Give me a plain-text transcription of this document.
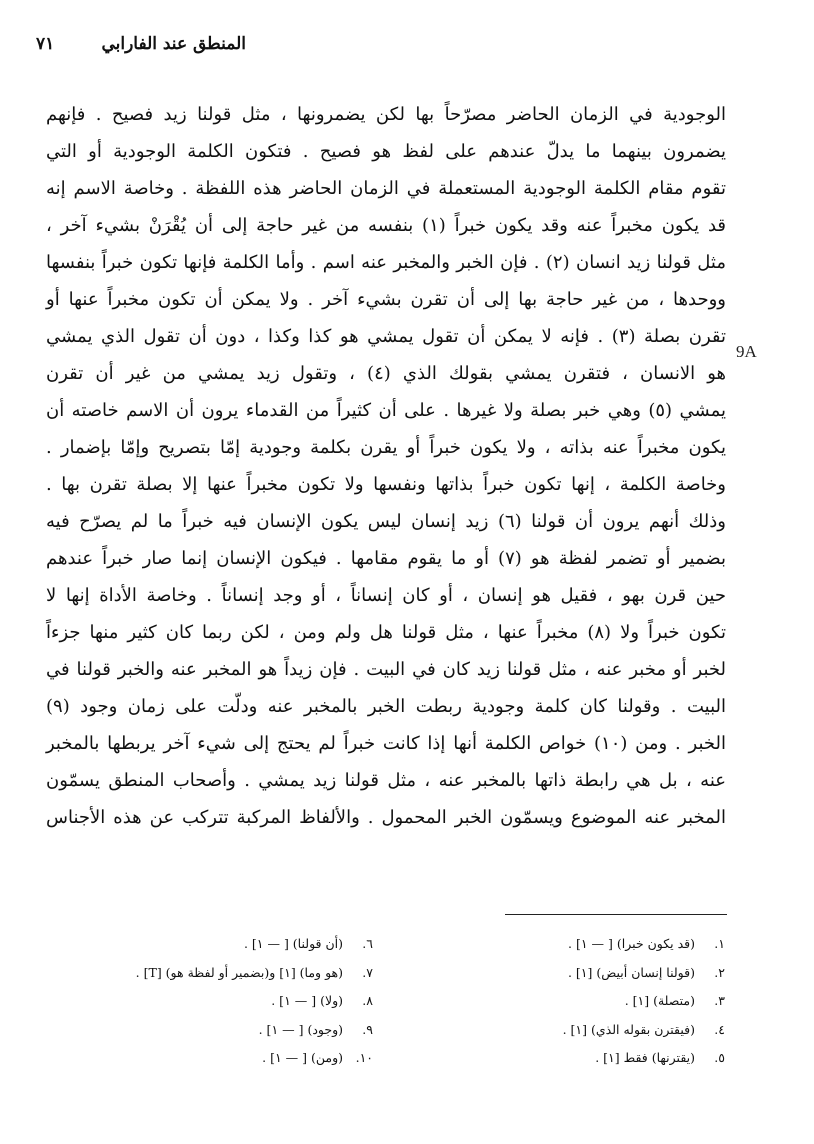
المنطق عند الفارابي
٧١
9A
الوجودية في الزمان الحاضر مصرّحاً بها لكن يضمرونها ، مثل قولنا زيد فصيح . فإنهم
يضمرون بينهما ما يدلّ عندهم على لفظ هو فصيح . فتكون الكلمة الوجودية أو التي
تقوم مقام الكلمة الوجودية المستعملة في الزمان الحاضر هذه اللفظة . وخاصة الاسم إنه
قد يكون مخبراً عنه وقد يكون خبراً (١) بنفسه من غير حاجة إلى أن يُقْرَنْ بشيء آخر ،
مثل قولنا زيد انسان (٢) . فإن الخبر والمخبر عنه اسم . وأما الكلمة فإنها تكون خبراً بنفسها
ووحدها ، من غير حاجة بها إلى أن تقرن بشيء آخر . ولا يمكن أن تكون مخبراً عنها أو
تقرن بصلة (٣) . فإنه لا يمكن أن تقول يمشي هو كذا وكذا ، دون أن تقول الذي يمشي
هو الانسان ، فتقرن يمشي بقولك الذي (٤) ، وتقول زيد يمشي من غير أن تقرن
يمشي (٥) وهي خبر بصلة ولا غيرها . على أن كثيراً من القدماء يرون أن الاسم خاصته أن
يكون مخبراً عنه بذاته ، ولا يكون خبراً أو يقرن بكلمة وجودية إمّا بتصريح وإمّا بإضمار .
وخاصة الكلمة ، إنها تكون خبراً بذاتها ونفسها ولا تكون مخبراً عنها إلا بصلة تقرن بها .
وذلك أنهم يرون أن قولنا (٦) زيد إنسان ليس يكون الإنسان فيه خبراً ما لم يصرّح فيه
بضمير أو تضمر لفظة هو (٧) أو ما يقوم مقامها . فيكون الإنسان إنما صار خبراً عندهم
حين قرن بهو ، فقيل هو إنسان ، أو كان إنساناً ، أو وجد إنساناً . وخاصة الأداة إنها لا
تكون خبراً ولا (٨) مخبراً عنها ، مثل قولنا هل ولم ومن ، لكن ربما كان كثير منها جزءاً
لخبر أو مخبر عنه ، مثل قولنا زيد كان في البيت . فإن زيداً هو المخبر عنه والخبر قولنا في
البيت . وقولنا كان كلمة وجودية ربطت الخبر بالمخبر عنه ودلّت على زمان وجود (٩)
الخبر . ومن (١٠) خواص الكلمة أنها إذا كانت خبراً لم يحتج إلى شيء آخر يربطها بالمخبر
عنه ، بل هي رابطة ذاتها بالمخبر عنه ، مثل قولنا زيد يمشي . وأصحاب المنطق يسمّون
المخبر عنه الموضوع ويسمّون الخبر المحمول . والألفاظ المركبة تتركب عن هذه الأجناس
١.
(قد يكون خبرا) [ — ١] .
٢.
(قولنا إنسان أبيض) [١] .
٣.
(متصلة) [١] .
٤.
(فيقترن بقوله الذي) [١] .
٥.
(يقترنها) فقط [١] .
٦.
(أن قولنا) [ — ١] .
٧.
(هو وما) [١] و(بضمير أو لفظة هو) [T] .
٨.
(ولا) [ — ١] .
٩.
(وجود) [ — ١] .
١٠.
(ومن) [ — ١] .
